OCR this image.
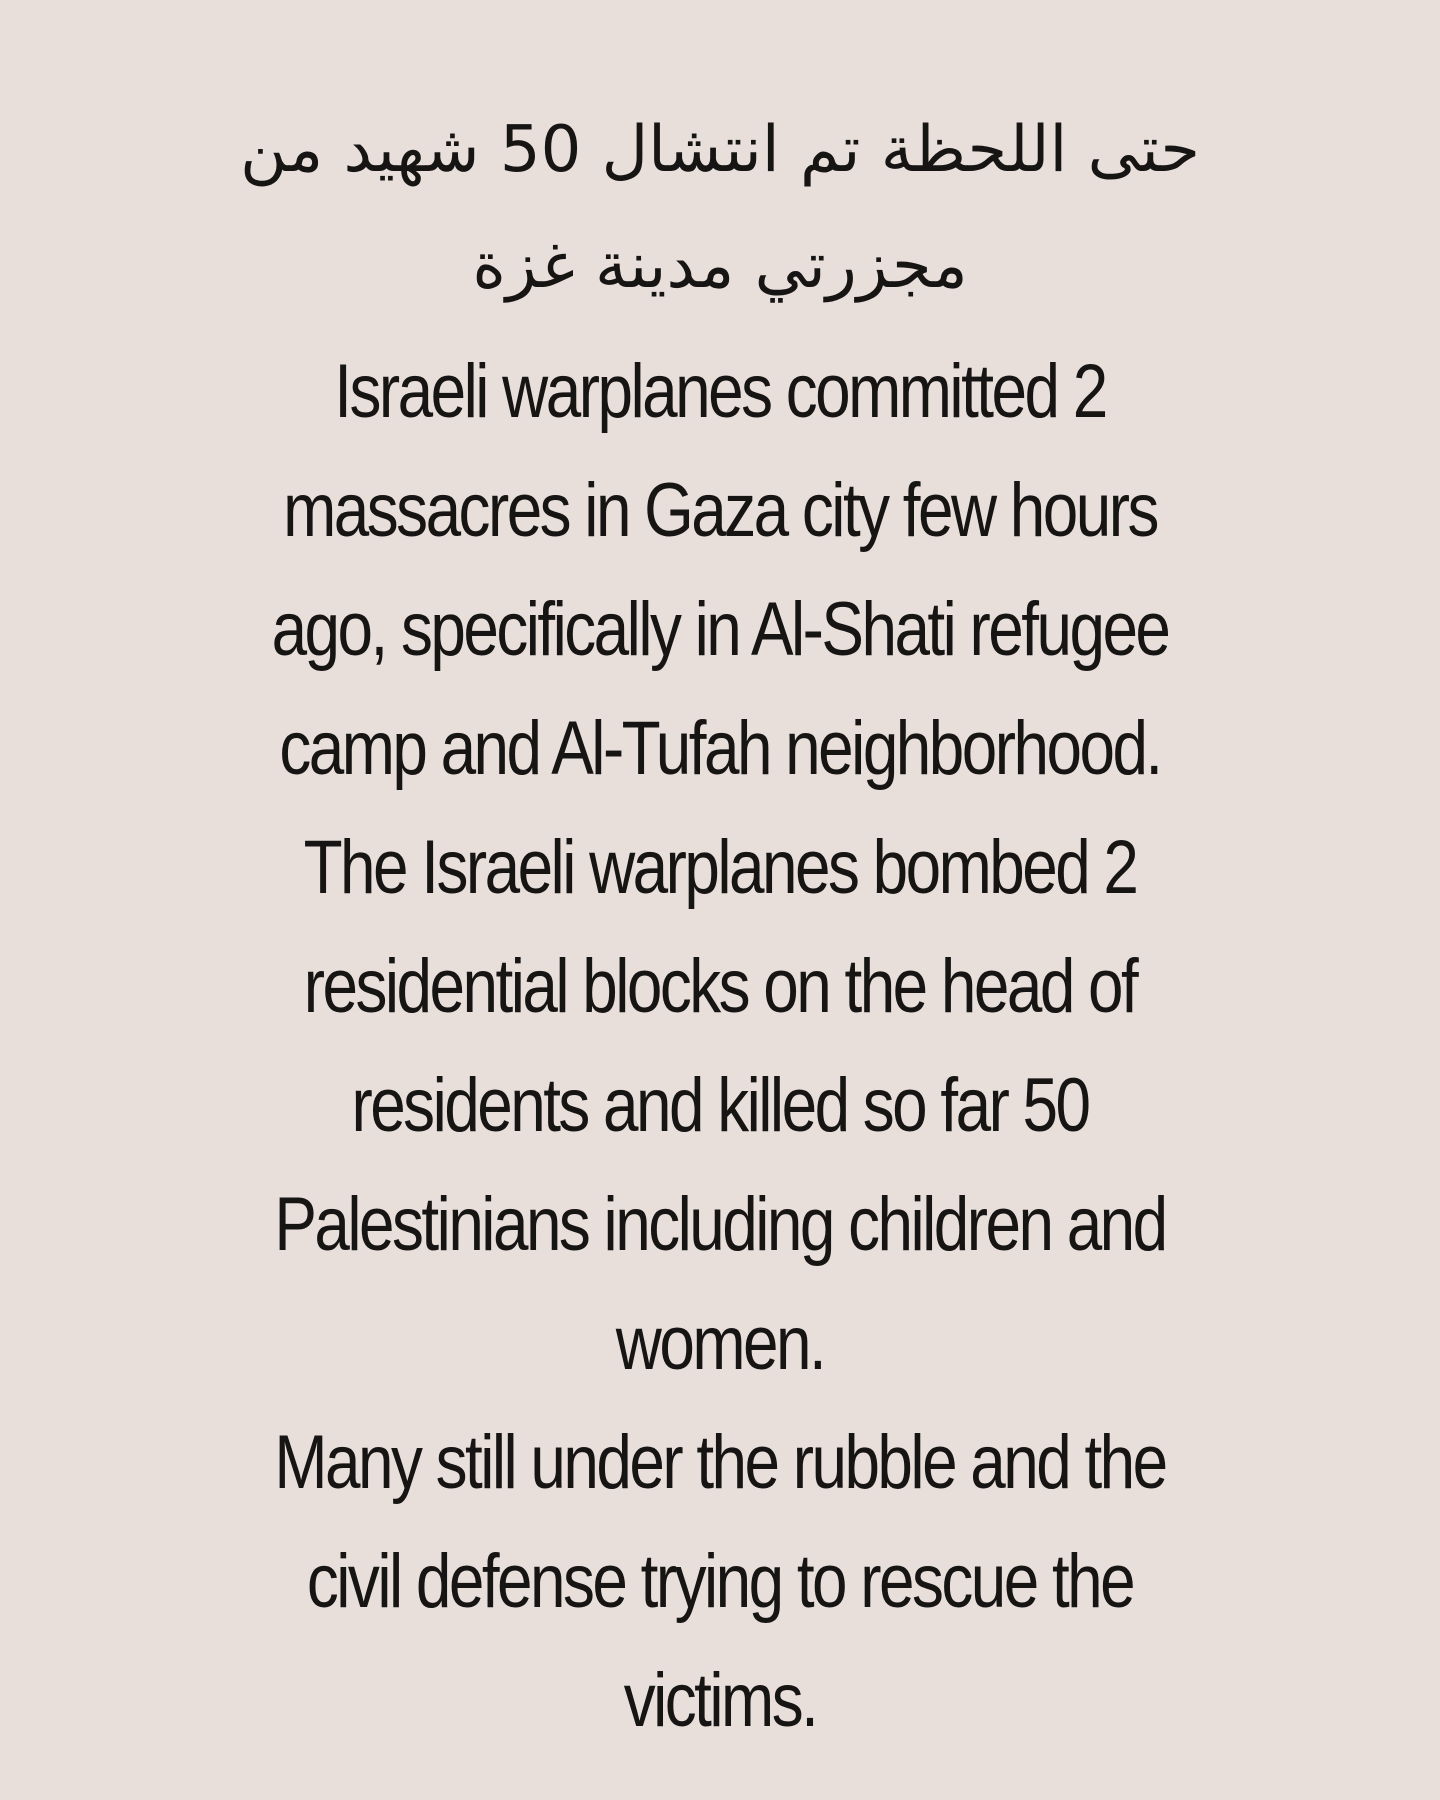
حتى اللحظة تم انتشال 50 شهيد من
مجزرتي مدينة غزة

Israeli warplanes committed 2
massacres in Gaza city few hours
ago, specifically in Al-Shati refugee
camp and Al-Tufah neighborhood.
The Israeli warplanes bombed 2
residential blocks on the head of
residents and killed so far 50
Palestinians including children and
women.
Many still under the rubble and the
civil defense trying to rescue the
victims.
